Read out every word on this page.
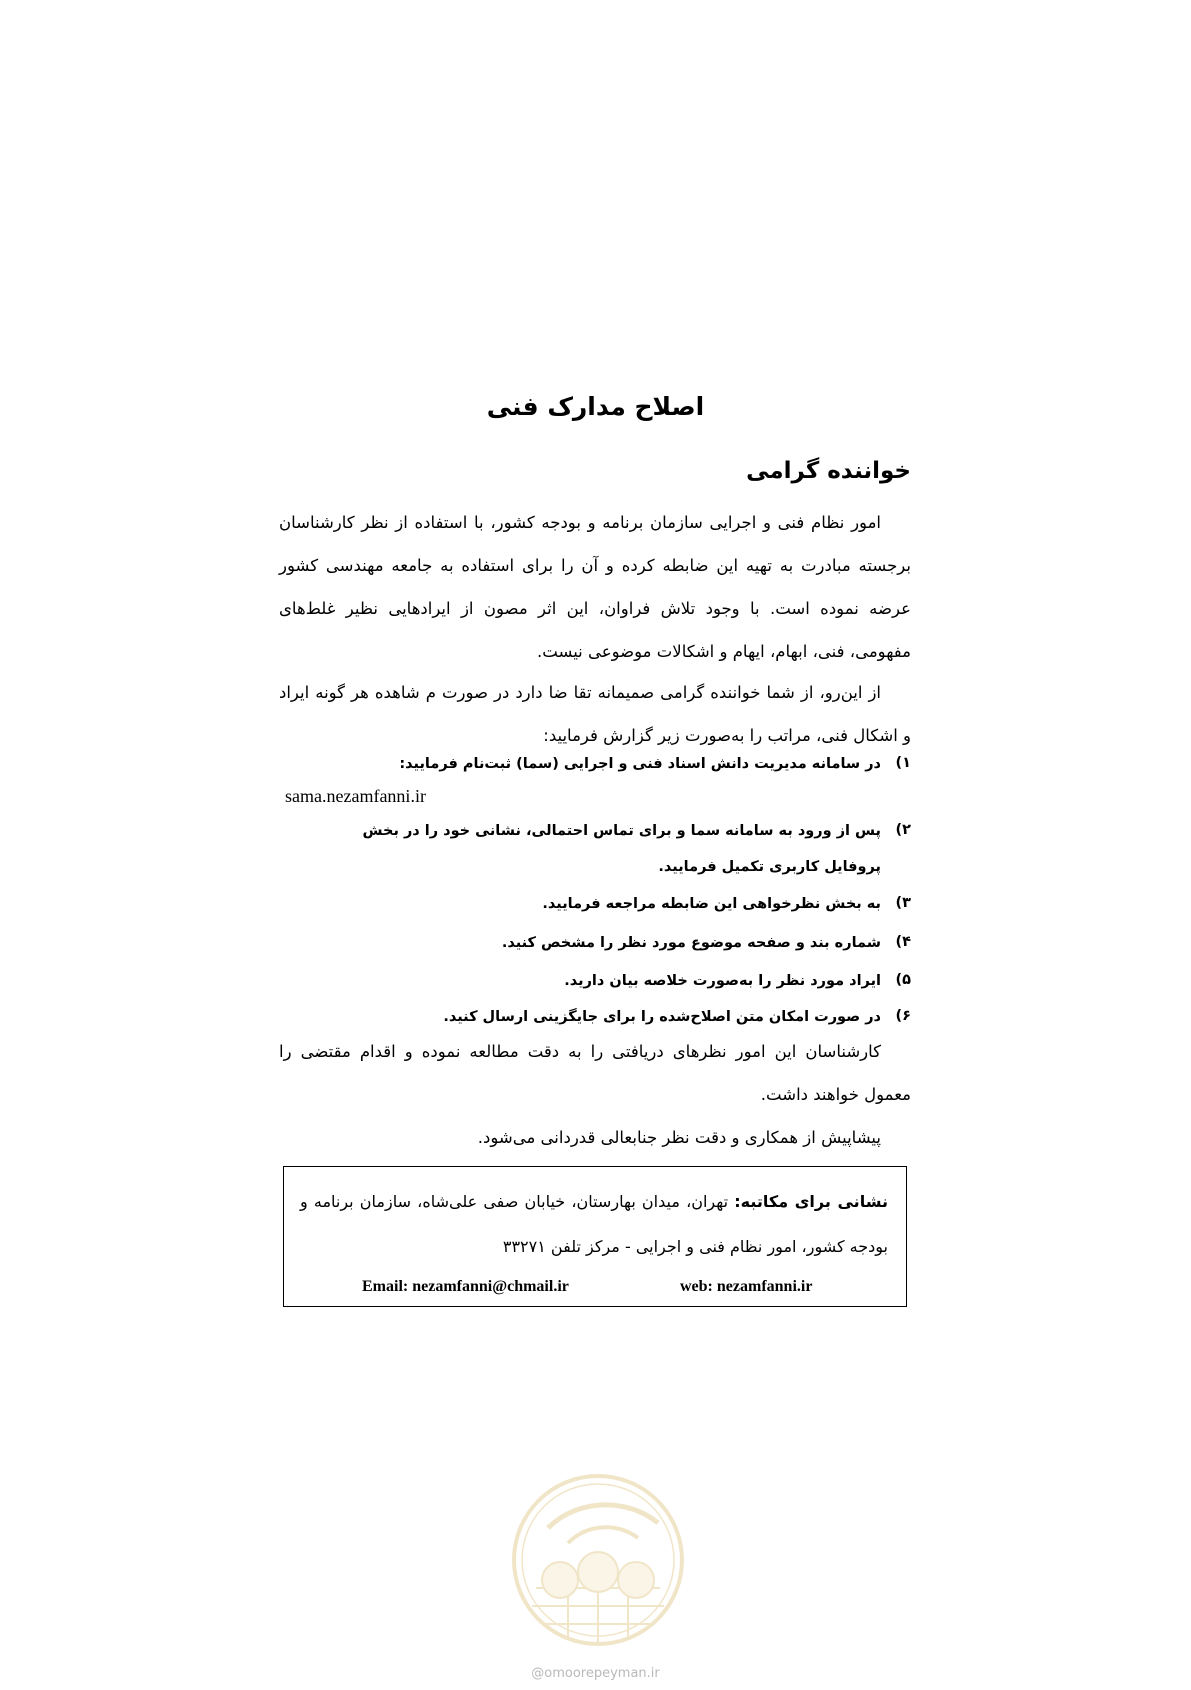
اصلاح مدارک فنی
خواننده گرامی
امور نظام فنی و اجرایی سازمان برنامه و بودجه کشور، با استفاده از نظر کارشناسان برجسته مبادرت به تهیه این ضابطه کرده و آن را برای استفاده به جامعه مهندسی کشور عرضه نموده است. با وجود تلاش فراوان، این اثر مصون از ایرادهایی نظیر غلط‌های مفهومی، فنی، ابهام، ایهام و اشکالات موضوعی نیست.
از این‌رو، از شما خواننده گرامی صمیمانه تقا ضا دارد در صورت م شاهده هر گونه ایراد و اشکال فنی، مراتب را به‌صورت زیر گزارش فرمایید:
۱)
در سامانه مدیریت دانش اسناد فنی و اجرایی (سما) ثبت‌نام فرمایید:
۲)
پس از ورود به سامانه سما و برای تماس احتمالی، نشانی خود را در بخش پروفایل کاربری تکمیل فرمایید.
۳)
به بخش نظرخواهی این ضابطه مراجعه فرمایید.
۴)
شماره بند و صفحه موضوع مورد نظر را مشخص کنید.
۵)
ایراد مورد نظر را به‌صورت خلاصه بیان دارید.
۶)
در صورت امکان متن اصلاح‌شده را برای جایگزینی ارسال کنید.
sama.nezamfanni.ir
کارشناسان این امور نظرهای دریافتی را به دقت مطالعه نموده و اقدام مقتضی را معمول خواهند داشت.
پیشاپیش از همکاری و دقت نظر جنابعالی قدردانی می‌شود.
نشانی برای مکاتبه: تهران، میدان بهارستان، خیابان صفی علی‌شاه، سازمان برنامه و بودجه کشور، امور نظام فنی و اجرایی - مرکز تلفن ۳۳۲۷۱
Email: nezamfanni@chmail.ir	web: nezamfanni.ir
@omoorepeyman.ir
